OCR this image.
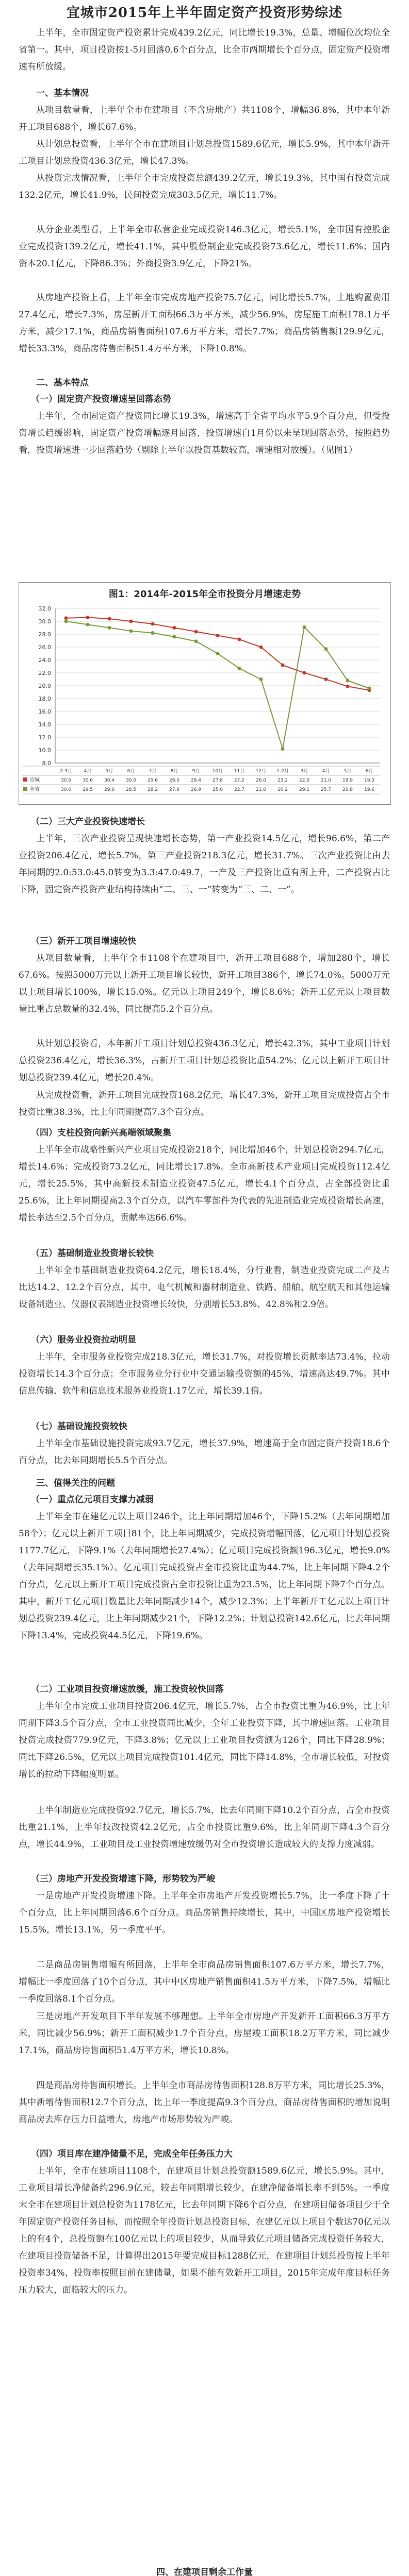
宜城市2015年上半年固定资产投资形势综述
上半年，全市固定资产投资累计完成439.2亿元，同比增长19.3%，总量、增幅位次均位全省第一。其中，项目投资按1-5月回落0.6个百分点，比全市两期增长个百分点，固定资产投资增速有所放缓。
一、基本情况
从项目数量看，上半年全市在建项目（不含房地产）共1108个，增幅36.8%，其中本年新开工项目688个，增长67.6%。
从计划总投资看，上半年全市在建项目计划总投资1589.6亿元，增长5.9%，其中本年新开工项目计划总投资436.3亿元，增长47.3%。
从投资完成情况看，上半年全市完成投资总额439.2亿元，增长19.3%，其中国有投资完成132.2亿元，增长41.9%，民间投资完成303.5亿元，增长11.7%。
从分企业类型看，上半年全市私营企业完成投资146.3亿元，增长5.1%，全市国有控股企业完成投资139.2亿元，增长41.1%，其中股份制企业完成投资73.6亿元，增长11.6%；国内资本20.1亿元，下降86.3%；外商投资3.9亿元，下降21%。
从房地产投资上看，上半年全市完成房地产投资75.7亿元，同比增长5.7%，土地购置费用27.4亿元，增长7.3%，房屋新开工面积66.3万平方米，减少56.9%，房屋施工面积178.1万平方米，减少17.1%，商品房销售面积107.6万平方米，增长7.7%；商品房销售额129.9亿元，增长33.3%，商品房待售面积51.4万平方米，下降10.8%。
二、基本特点
（一）固定资产投资增速呈回落态势
上半年，全市固定资产投资同比增长19.3%，增速高于全省平均水平5.9个百分点，但受投资增长趋缓影响，固定资产投资增幅逐月回落，投资增速自1月份以来呈现回落态势，按照趋势看，投资增速进一步回落趋势（剔除上半年以投资基数较高，增速相对放缓）。（见图1）
图1：2014年-2015年全市投资分月增速走势
8.0
10.0
12.0
14.0
16.0
18.0
20.0
22.0
24.0
26.0
28.0
30.0
32.0
2-3月	4月	5月	6月	7月	8月	9月	10月 11月 12月 1-2月	3月	4月	5月	6月
宜城	30.5 30.6 30.4 30.0 29.6 29.0 28.4 27.8 27.2 26.0 23.2 22.0 21.0 19.9 19.3
全省	30.0 29.5 29.0 28.5 28.2 27.6 26.9 25.0 22.7 21.0 10.2 29.1 25.7 20.8 19.6
（二）三大产业投资快速增长
上半年，三次产业投资呈现快速增长态势，第一产业投资14.5亿元，增长96.6%，第二产业投资206.4亿元，增长5.7%，第三产业投资218.3亿元，增长31.7%。三次产业投资比由去年同期的2.0:53.0:45.0转变为3.3:47.0:49.7，一产及三产投资比重有所上升，二产投资占比下降，固定资产投资产业结构持续由“二、三、一”转变为“三、二、一”。
（三）新开工项目增速较快
从项目数量看，上半年全市1108个在建项目中，新开工项目688个，增加280个，增长67.6%。按照5000万元以上新开工项目增长较快，新开工项目386个，增长74.0%。5000万元以上项目增长100%，增长15.0%。亿元以上项目249个，增长8.6%；新开工亿元以上项目数量比重占总数量的32.4%，同比提高5.2个百分点。
从计划总投资看，本年新开工项目计划总投资436.3亿元，增长42.3%，其中工业项目计划总投资236.4亿元，增长36.3%，占新开工项目计划总投资比重54.2%；亿元以上新开工项目计划总投资239.4亿元，增长20.4%。
从完成投资看，新开工项目完成投资168.2亿元，增长47.3%，新开工项目完成投资占全市投资比重38.3%，比上年同期提高7.3个百分点。
（四）支柱投资向新兴高端领域聚集
上半年全市战略性新兴产业项目完成投资218个，同比增加46个，计划总投资294.7亿元，增长14.6%；完成投资73.2亿元，同比增长17.8%。全市高新技术产业项目完成投资112.4亿元，增长25.5%，其中高新技术制造业投资47.5亿元，增长4.1个百分点，占全部投资比重25.6%，比上年同期提高2.3个百分点，以汽车零部件为代表的先进制造业完成投资增长高速，增长率达至2.5个百分点，贡献率达66.6%。
（五）基础制造业投资增长较快
上半年全市基础制造业投资64.2亿元，增长18.4%，分行业看，制造业投资完成二产及占比达14.2、12.2个百分点，其中，电气机械和器材制造业、铁路、船舶、航空航天和其他运输设备制造业、仪器仪表制造业投资增长较快，分别增长53.8%、42.8%和2.9倍。
（六）服务业投资拉动明显
上半年，全市服务业投资完成218.3亿元，增长31.7%，对投资增长贡献率达73.4%，拉动投资增长14.3个百分点；全市服务业分行业中交通运输投资额的45%，增速高达49.7%。其中信息传输、软件和信息技术服务业投资1.17亿元，增长39.1倍。
（七）基础设施投资较快
上半年全市基础设施投资完成93.7亿元，增长37.9%，增速高于全市固定资产投资18.6个百分点，比去年同期增长5.5个百分点。
三、值得关注的问题
（一）重点亿元项目支撑力减弱
上半年全市在建亿元以上项目246个，比上年同期增加46个，下降15.2%（去年同期增加58个）；亿元以上新开工项目81个，比上年同期减少，完成投资增幅回落，亿元项目计划总投资1177.7亿元，下降9.1%（去年同期增长27.4%）；亿元项目完成投资额196.3亿元，增长9.0%（去年同期增长35.1%）。亿元项目完成投资占全市投资比重为44.7%，比上年同期下降4.2个百分点，亿元以上新开工项目完成投资占全市投资比重为23.5%，比上年同期下降7个百分点。其中，新开工亿元项目数量比去年同期减少14个，减少12.3%；上半年新开工亿元以上项目计划总投资239.4亿元，比上年同期减少21个，下降12.2%；计划总投资142.6亿元，比去年同期下降13.4%，完成投资44.5亿元，下降19.6%。
（二）工业项目投资增速放缓，施工投资较快回落
上半年全市完成工业项目投资206.4亿元，增长5.7%，占全市投资比重为46.9%，比上年同期下降3.5个百分点，全市工业投资同比减少，全年工业投资下降，其中增速回落。工业项目投资完成投资779.9亿元，下降3.8%；亿元以上工业项目投资额为126个，同比下降28.9%；同比下降26.5%，亿元以上项目完成投资101.4亿元，同比下降14.8%，全市增长较低，对投资增长的拉动下降幅度明显。
上半年制造业完成投资92.7亿元，增长5.7%，比去年同期下降10.2个百分点，占全市投资比重21.1%，上半年技改投资42.2亿元，占全市投资比重9.6%，比上年同期下降4.3个百分点，增长44.9%，工业项目及工业投资增速放缓仍对全市投资增长造成较大的支撑力度减弱。
（三）房地产开发投资增速下降，形势较为严峻
一是房地产开发投资增速下降。上半年全市房地产开发投资增长5.7%，比一季度下降了十个百分点，比上年同期回落6.6个百分点。商品房销售持续增长，其中，中国区房地产投资增长15.5%，增长13.1%，另一季度平平。
二是商品房销售增幅有所回落，上半年全市商品房销售面积107.6万平方米，增长7.7%，增幅比一季度回落了10个百分点，其中中区房地产销售面积41.5万平方米，下降7.5%，增幅比一季度回落8.1个百分点。
三是房地产开发项目下半年发展不够理想。上半年全市房地产开发新开工面积66.3万平方米，同比减少56.9%；新开工面积减少1.7个百分点，房屋竣工面积18.2万平方米，同比减少17.1%，商品房待售面积51.4万平方米，增长10.8%。
四是商品房待售面积增长。上半年全市商品房待售面积128.8万平方米，同比增长25.3%，其中新增待售面积12.7个百分点，比上年一季度提高9.3个百分点，商品房待售面积的增加说明商品房去库存压力日益增大，房地产市场形势较为严峻。
（四）项目库在建净储量不足，完成全年任务压力大
上半年，全市在建项目1108个，在建项目计划总投资额1589.6亿元，增长5.9%。其中，工业项目增长净储备约296.9亿元，较去年同期增长较少，在建净储备增长率不到5%。一季度末全市在建项目计划总投资为1178亿元，比去年同期下降6个百分点，在建项目储备项目少于全年固定资产投资任务目标，而按照全年投资计划总投资目标，在建亿元以上项目个数达70亿元以上的有4个，总投资额在100亿元以上的项目较少，从而导致亿元项目储备完成投资任务较大，在建项目投资储备不足，计算得出2015年要完成目标1288亿元，在建项目计划总投资按上半年投资率34%，投资率按照目前在建储量，如果不能有效新开工项目，2015年完成年度目标任务压力较大，面临较大的压力。
四、在建项目剩余工作量
